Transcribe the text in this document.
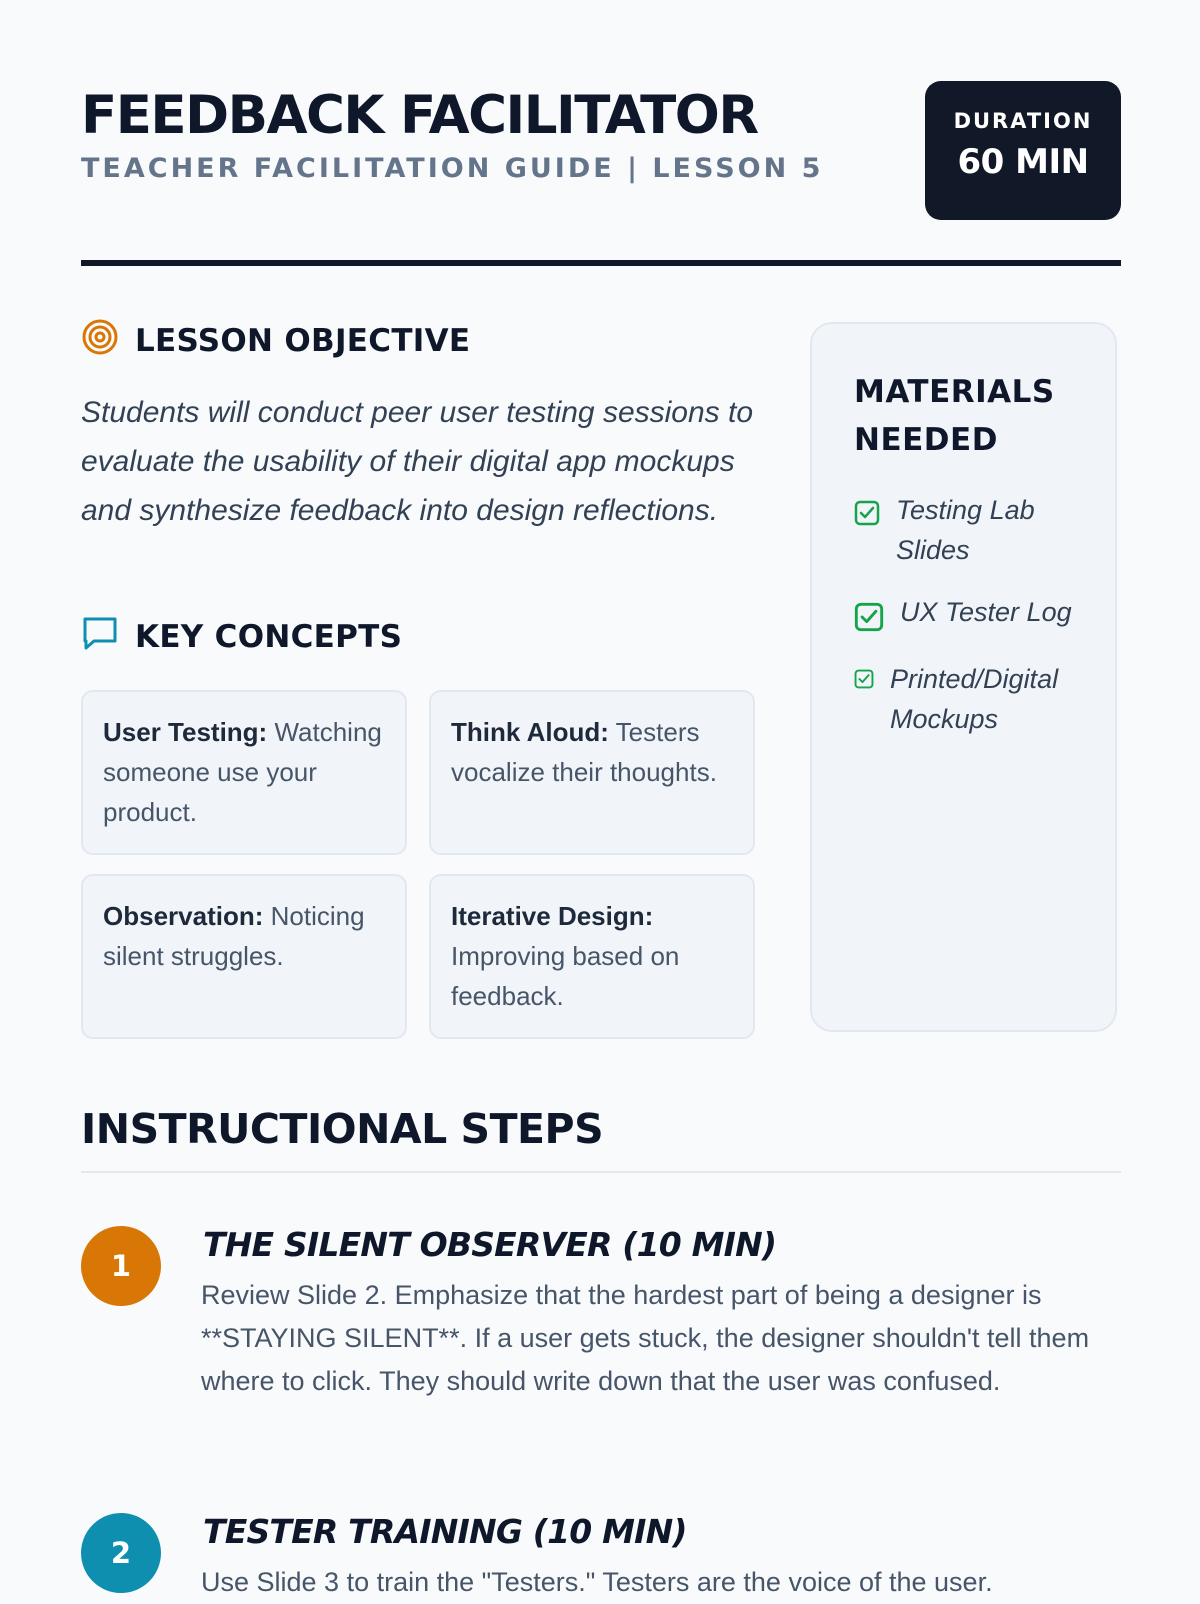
FEEDBACK FACILITATOR
TEACHER FACILITATION GUIDE | LESSON 5
DURATION
60 MIN
LESSON OBJECTIVE
Students will conduct peer user testing sessions to evaluate the usability of their digital app mockups and synthesize feedback into design reflections.
KEY CONCEPTS
User Testing: Watching someone use your product.
Think Aloud: Testers vocalize their thoughts.
Observation: Noticing silent struggles.
Iterative Design: Improving based on feedback.
MATERIALS NEEDED
Testing Lab Slides
UX Tester Log
Printed/Digital Mockups
INSTRUCTIONAL STEPS
1
THE SILENT OBSERVER (10 MIN)
Review Slide 2. Emphasize that the hardest part of being a designer is **STAYING SILENT**. If a user gets stuck, the designer shouldn't tell them where to click. They should write down that the user was confused.
2
TESTER TRAINING (10 MIN)
Use Slide 3 to train the "Testers." Testers are the voice of the user.
